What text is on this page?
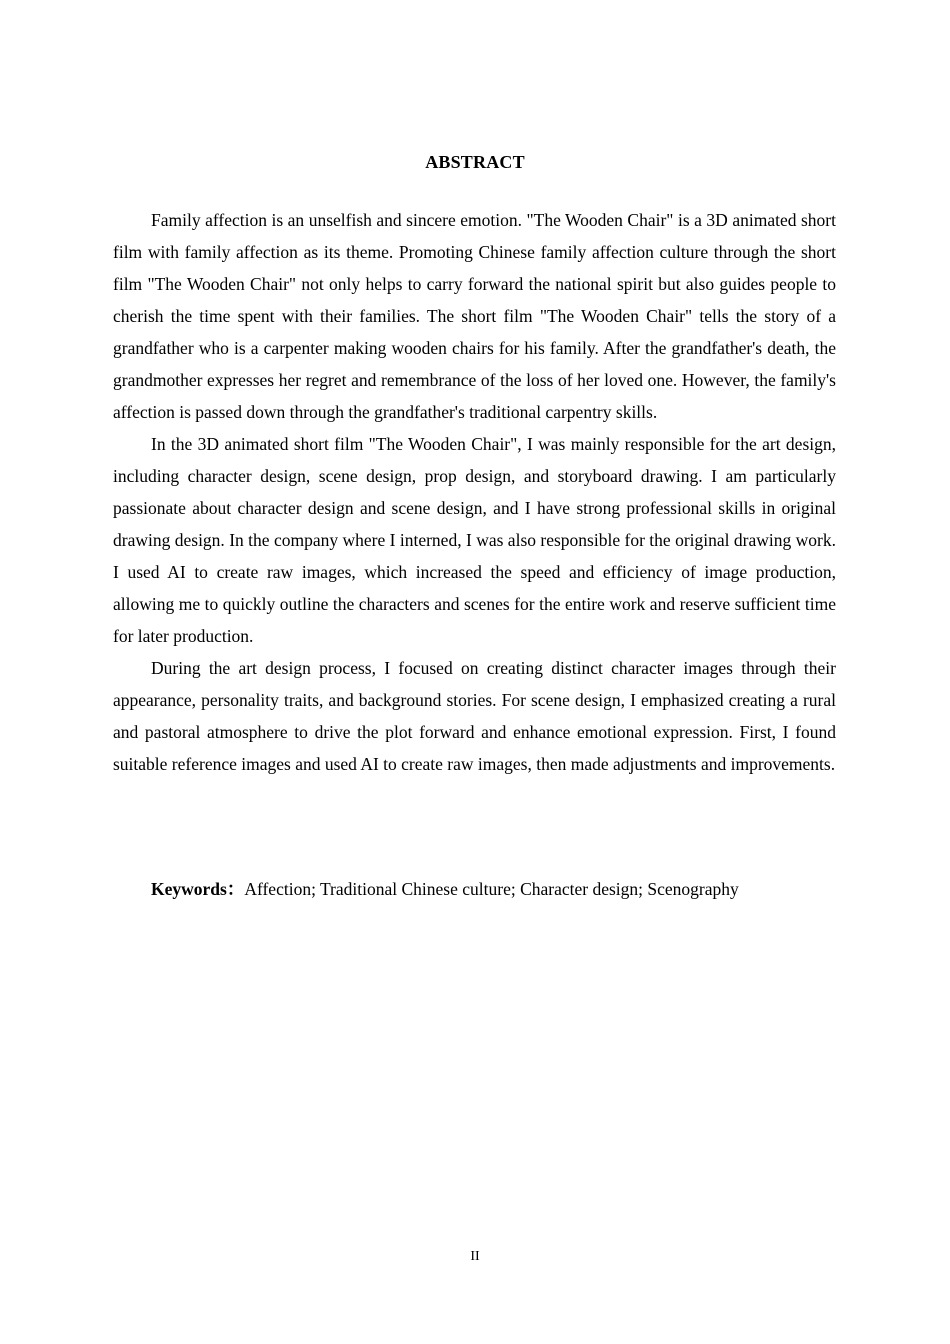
ABSTRACT

Family affection is an unselfish and sincere emotion. "The Wooden Chair" is a 3D animated short film with family affection as its theme. Promoting Chinese family affection culture through the short film "The Wooden Chair" not only helps to carry forward the national spirit but also guides people to cherish the time spent with their families. The short film "The Wooden Chair" tells the story of a grandfather who is a carpenter making wooden chairs for his family. After the grandfather's death, the grandmother expresses her regret and remembrance of the loss of her loved one. However, the family's affection is passed down through the grandfather's traditional carpentry skills.

In the 3D animated short film "The Wooden Chair", I was mainly responsible for the art design, including character design, scene design, prop design, and storyboard drawing. I am particularly passionate about character design and scene design, and I have strong professional skills in original drawing design. In the company where I interned, I was also responsible for the original drawing work. I used AI to create raw images, which increased the speed and efficiency of image production, allowing me to quickly outline the characters and scenes for the entire work and reserve sufficient time for later production.

During the art design process, I focused on creating distinct character images through their appearance, personality traits, and background stories. For scene design, I emphasized creating a rural and pastoral atmosphere to drive the plot forward and enhance emotional expression. First, I found suitable reference images and used AI to create raw images, then made adjustments and improvements.

Keywords：Affection; Traditional Chinese culture; Character design; Scenography
II
